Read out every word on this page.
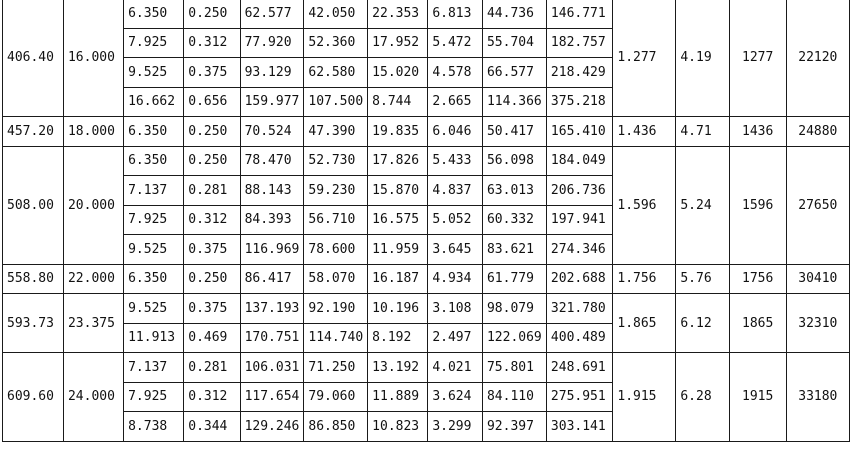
406.40	16.000	6.350	0.250	62.577	42.050	22.353	6.813	44.736	146.771	1.277	4.19	1277	22120
		7.925	0.312	77.920	52.360	17.952	5.472	55.704	182.757				
		9.525	0.375	93.129	62.580	15.020	4.578	66.577	218.429				
		16.662	0.656	159.977	107.500	8.744	2.665	114.366	375.218				
457.20	18.000	6.350	0.250	70.524	47.390	19.835	6.046	50.417	165.410	1.436	4.71	1436	24880
508.00	20.000	6.350	0.250	78.470	52.730	17.826	5.433	56.098	184.049	1.596	5.24	1596	27650
		7.137	0.281	88.143	59.230	15.870	4.837	63.013	206.736				
		7.925	0.312	84.393	56.710	16.575	5.052	60.332	197.941				
		9.525	0.375	116.969	78.600	11.959	3.645	83.621	274.346				
558.80	22.000	6.350	0.250	86.417	58.070	16.187	4.934	61.779	202.688	1.756	5.76	1756	30410
593.73	23.375	9.525	0.375	137.193	92.190	10.196	3.108	98.079	321.780	1.865	6.12	1865	32310
		11.913	0.469	170.751	114.740	8.192	2.497	122.069	400.489				
609.60	24.000	7.137	0.281	106.031	71.250	13.192	4.021	75.801	248.691	1.915	6.28	1915	33180
		7.925	0.312	117.654	79.060	11.889	3.624	84.110	275.951				
		8.738	0.344	129.246	86.850	10.823	3.299	92.397	303.141				
